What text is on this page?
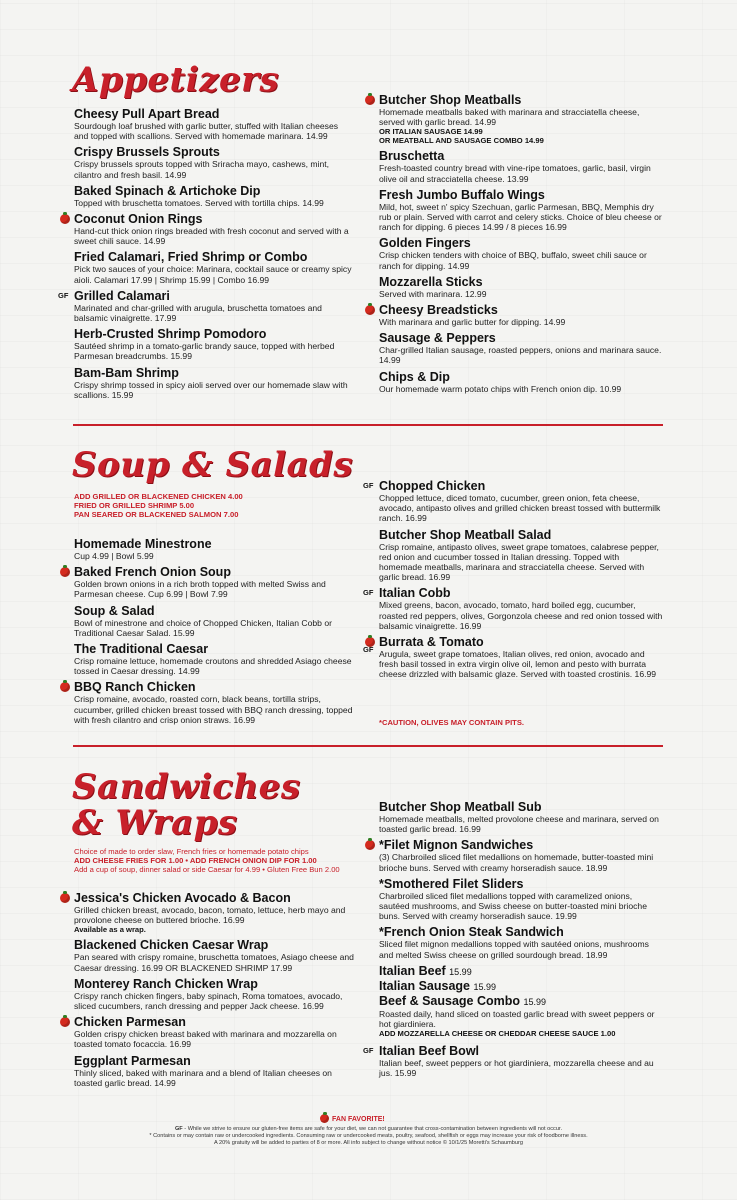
Appetizers
Cheesy Pull Apart Bread
Sourdough loaf brushed with garlic butter, stuffed with Italian cheeses and topped with scallions. Served with homemade marinara. 14.99
Crispy Brussels Sprouts
Crispy brussels sprouts topped with Sriracha mayo, cashews, mint, cilantro and fresh basil. 14.99
Baked Spinach & Artichoke Dip
Topped with bruschetta tomatoes. Served with tortilla chips. 14.99
Coconut Onion Rings
Hand-cut thick onion rings breaded with fresh coconut and served with a sweet chili sauce. 14.99
Fried Calamari, Fried Shrimp or Combo
Pick two sauces of your choice: Marinara, cocktail sauce or creamy spicy aioli. Calamari 17.99 | Shrimp 15.99 | Combo 16.99
GF Grilled Calamari
Marinated and char-grilled with arugula, bruschetta tomatoes and balsamic vinaigrette. 17.99
Herb-Crusted Shrimp Pomodoro
Sautéed shrimp in a tomato-garlic brandy sauce, topped with herbed Parmesan breadcrumbs. 15.99
Bam-Bam Shrimp
Crispy shrimp tossed in spicy aioli served over our homemade slaw with scallions. 15.99
Butcher Shop Meatballs
Homemade meatballs baked with marinara and stracciatella cheese, served with garlic bread. 14.99
OR ITALIAN SAUSAGE 14.99
OR MEATBALL AND SAUSAGE COMBO 14.99
Bruschetta
Fresh-toasted country bread with vine-ripe tomatoes, garlic, basil, virgin olive oil and stracciatella cheese. 13.99
Fresh Jumbo Buffalo Wings
Mild, hot, sweet n' spicy Szechuan, garlic Parmesan, BBQ, Memphis dry rub or plain. Served with carrot and celery sticks. Choice of bleu cheese or ranch for dipping. 6 pieces 14.99 / 8 pieces 16.99
Golden Fingers
Crisp chicken tenders with choice of BBQ, buffalo, sweet chili sauce or ranch for dipping. 14.99
Mozzarella Sticks
Served with marinara. 12.99
Cheesy Breadsticks
With marinara and garlic butter for dipping. 14.99
Sausage & Peppers
Char-grilled Italian sausage, roasted peppers, onions and marinara sauce. 14.99
Chips & Dip
Our homemade warm potato chips with French onion dip. 10.99
Soup & Salads
ADD GRILLED OR BLACKENED CHICKEN 4.00
FRIED OR GRILLED SHRIMP 5.00
PAN SEARED OR BLACKENED SALMON 7.00
Homemade Minestrone
Cup 4.99 | Bowl 5.99
Baked French Onion Soup
Golden brown onions in a rich broth topped with melted Swiss and Parmesan cheese. Cup 6.99 | Bowl 7.99
Soup & Salad
Bowl of minestrone and choice of Chopped Chicken, Italian Cobb or Traditional Caesar Salad. 15.99
The Traditional Caesar
Crisp romaine lettuce, homemade croutons and shredded Asiago cheese tossed in Caesar dressing. 14.99
BBQ Ranch Chicken
Crisp romaine, avocado, roasted corn, black beans, tortilla strips, cucumber, grilled chicken breast tossed with BBQ ranch dressing, topped with fresh cilantro and crisp onion straws. 16.99
GF Chopped Chicken
Chopped lettuce, diced tomato, cucumber, green onion, feta cheese, avocado, antipasto olives and grilled chicken breast tossed with buttermilk ranch. 16.99
Butcher Shop Meatball Salad
Crisp romaine, antipasto olives, sweet grape tomatoes, calabrese pepper, red onion and cucumber tossed in Italian dressing. Topped with homemade meatballs, marinara and stracciatella cheese. Served with garlic bread. 16.99
GF Italian Cobb
Mixed greens, bacon, avocado, tomato, hard boiled egg, cucumber, roasted red peppers, olives, Gorgonzola cheese and red onion tossed with balsamic vinaigrette. 16.99
GF
Burrata & Tomato
Arugula, sweet grape tomatoes, Italian olives, red onion, avocado and fresh basil tossed in extra virgin olive oil, lemon and pesto with burrata cheese drizzled with balsamic glaze. Served with toasted crostinis. 16.99
*CAUTION, OLIVES MAY CONTAIN PITS.
Sandwiches
& Wraps
Choice of made to order slaw, French fries or homemade potato chips
ADD CHEESE FRIES FOR 1.00 • ADD FRENCH ONION DIP FOR 1.00
Add a cup of soup, dinner salad or side Caesar for 4.99 • Gluten Free Bun 2.00
Jessica's Chicken Avocado & Bacon
Grilled chicken breast, avocado, bacon, tomato, lettuce, herb mayo and provolone cheese on buttered brioche. 16.99
Available as a wrap.
Blackened Chicken Caesar Wrap
Pan seared with crispy romaine, bruschetta tomatoes, Asiago cheese and Caesar dressing. 16.99 OR BLACKENED SHRIMP 17.99
Monterey Ranch Chicken Wrap
Crispy ranch chicken fingers, baby spinach, Roma tomatoes, avocado, sliced cucumbers, ranch dressing and pepper Jack cheese. 16.99
Chicken Parmesan
Golden crispy chicken breast baked with marinara and mozzarella on toasted tomato focaccia. 16.99
Eggplant Parmesan
Thinly sliced, baked with marinara and a blend of Italian cheeses on toasted garlic bread. 14.99
Butcher Shop Meatball Sub
Homemade meatballs, melted provolone cheese and marinara, served on toasted garlic bread. 16.99
*Filet Mignon Sandwiches
(3) Charbroiled sliced filet medallions on homemade, butter-toasted mini brioche buns. Served with creamy horseradish sauce. 18.99
*Smothered Filet Sliders
Charbroiled sliced filet medallions topped with caramelized onions, sautéed mushrooms, and Swiss cheese on butter-toasted mini brioche buns. Served with creamy horseradish sauce. 19.99
*French Onion Steak Sandwich
Sliced filet mignon medallions topped with sautéed onions, mushrooms and melted Swiss cheese on grilled sourdough bread. 18.99
Italian Beef 15.99
Italian Sausage 15.99
Beef & Sausage Combo 15.99
Roasted daily, hand sliced on toasted garlic bread with sweet peppers or hot giardiniera.
ADD MOZZARELLA CHEESE OR CHEDDAR CHEESE SAUCE 1.00
GF Italian Beef Bowl
Italian beef, sweet peppers or hot giardiniera, mozzarella cheese and au jus. 15.99
FAN FAVORITE!
GF - While we strive to ensure our gluten-free items are safe for your diet, we can not guarantee that cross-contamination between ingredients will not occur.
* Contains or may contain raw or undercooked ingredients. Consuming raw or undercooked meats, poultry, seafood, shellfish or eggs may increase your risk of foodborne illness.
A 20% gratuity will be added to parties of 8 or more. All info subject to change without notice © 10/1/25 Moretti's Schaumburg
